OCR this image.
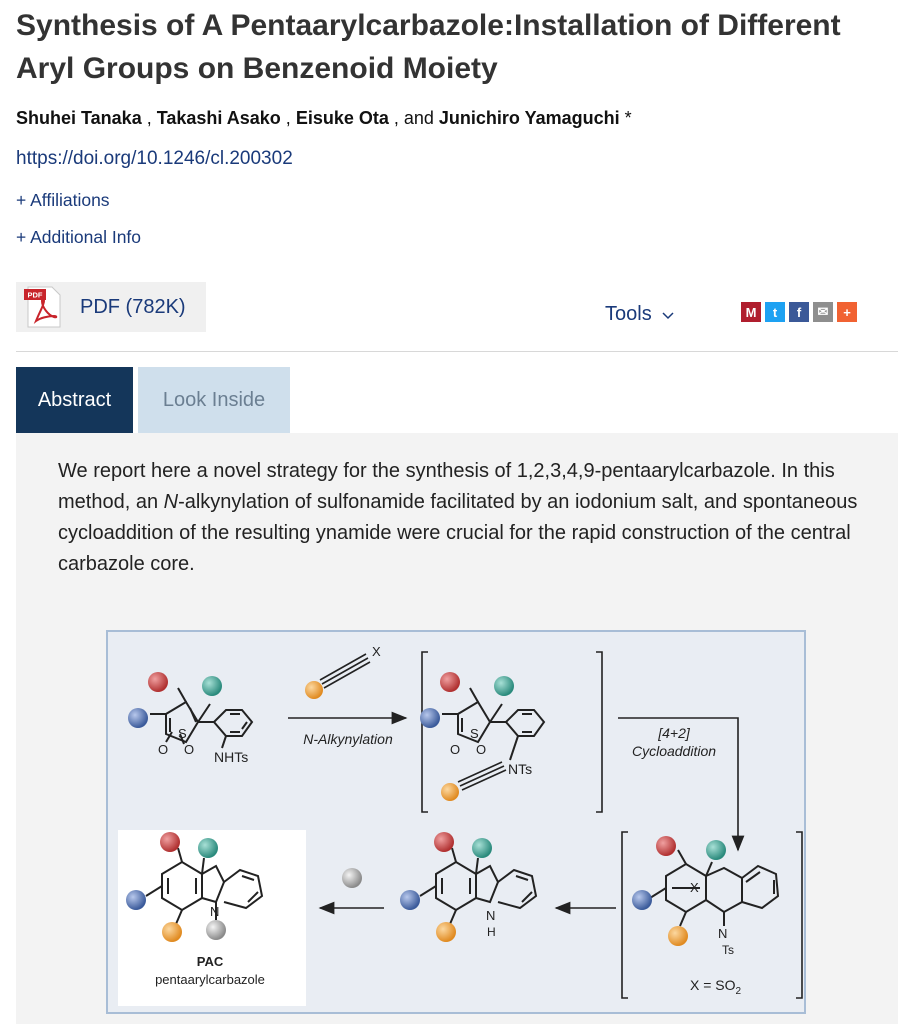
Synthesis of A Pentaarylcarbazole:Installation of Different Aryl Groups on Benzenoid Moiety
Shuhei Tanaka , Takashi Asako , Eisuke Ota , and Junichiro Yamaguchi *
https://doi.org/10.1246/cl.200302
+ Affiliations
+ Additional Info
PDF
PDF (782K)	Tools	M	t	f	✉	+
Abstract	Look Inside

We report here a novel strategy for the synthesis of 1,2,3,4,9-pentaarylcarbazole. In this method, an N-alkynylation of sulfonamide facilitated by an iodonium salt, and spontaneous cycloaddition of the resulting ynamide were crucial for the rapid construction of the central carbazole core.

S
O O NHTs
X
N-Alkynylation	S
O O
NTs
[4+2]
Cycloaddition
X
N
Ts
$X = SO_2$
N
H
N
PAC
pentaarylcarbazole
